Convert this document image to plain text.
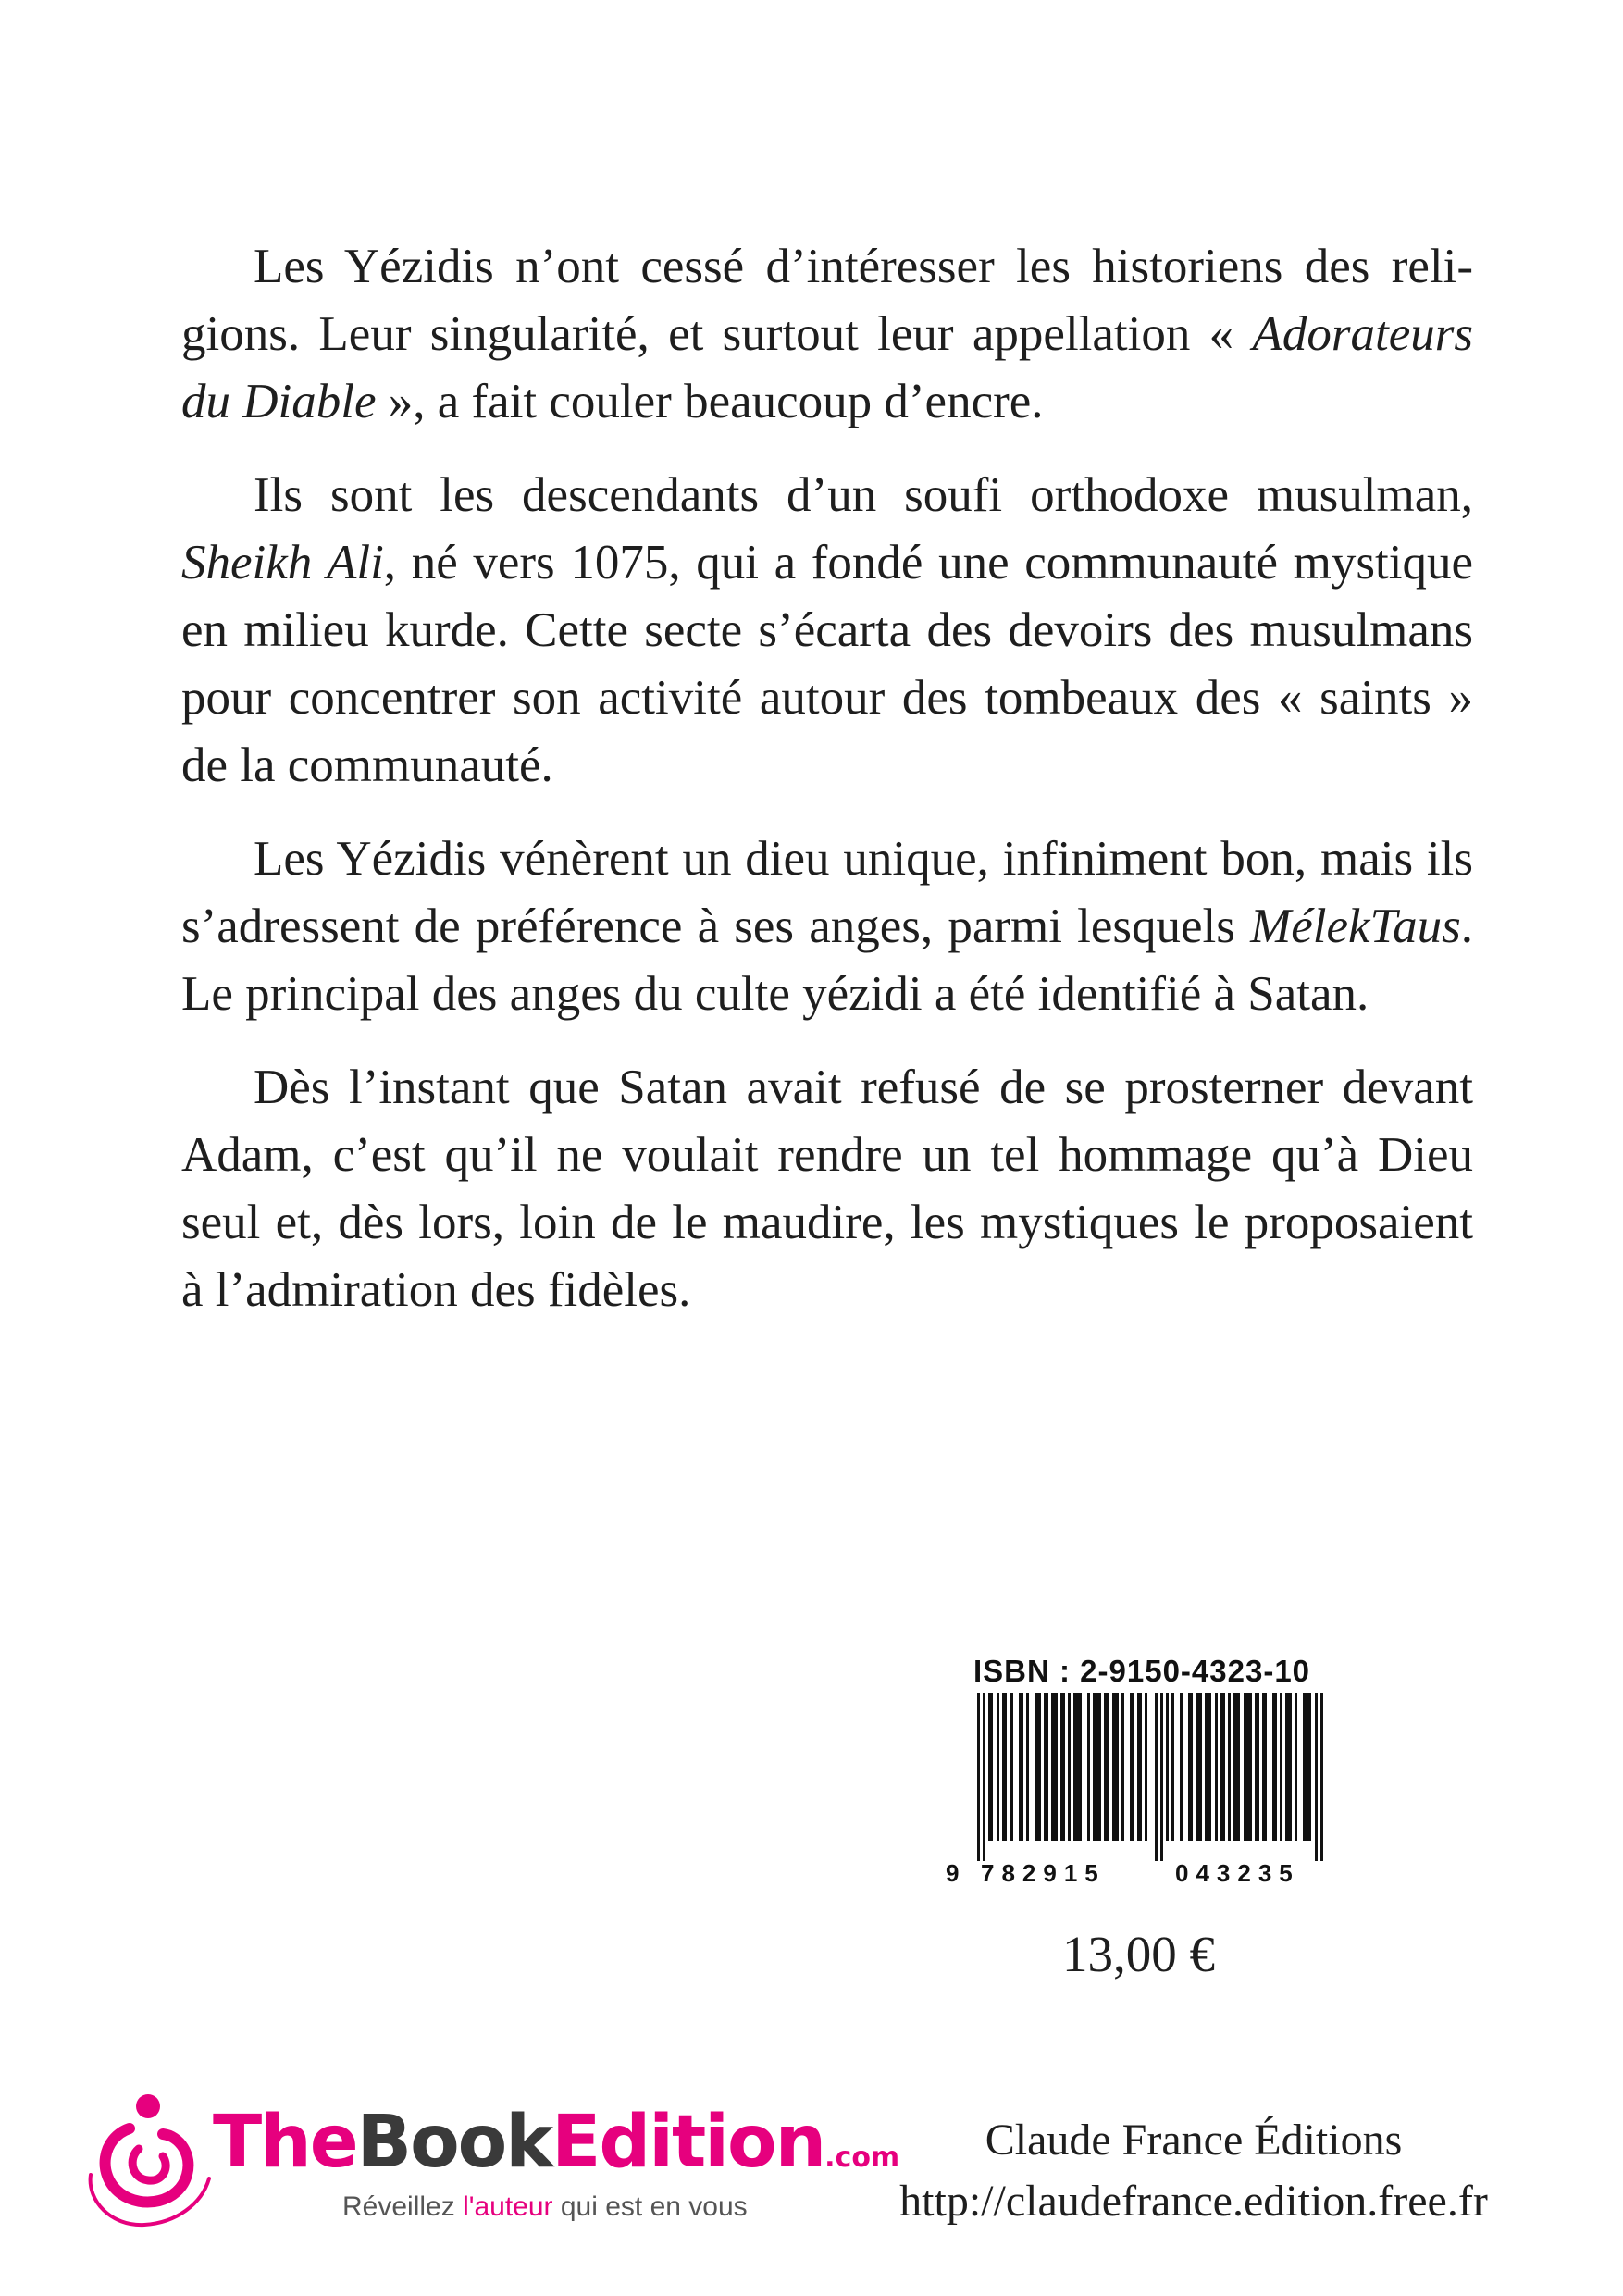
Les Yézidis n’ont cessé d’intéresser les historiens des religions. Leur singularité, et surtout leur appellation « Adorateurs du Diable », a fait couler beaucoup d’encre.

Ils sont les descendants d’un soufi orthodoxe musulman, Sheikh Ali, né vers 1075, qui a fondé une communauté mystique en milieu kurde. Cette secte s’écarta des devoirs des musulmans pour concentrer son activité autour des tombeaux des « saints » de la communauté.

Les Yézidis vénèrent un dieu unique, infiniment bon, mais ils s’adressent de préférence à ses anges, parmi lesquels MélekTaus. Le principal des anges du culte yézidi a été identifié à Satan.

Dès l’instant que Satan avait refusé de se prosterner devant Adam, c’est qu’il ne voulait rendre un tel hommage qu’à Dieu seul et, dès lors, loin de le maudire, les mystiques le proposaient à l’admiration des fidèles.

ISBN : 2-9150-4323-10
9 782915	043235
13,00 €
TheBookEdition.com
Réveillez l'auteur qui est en vous
Claude France Éditions
http://claudefrance.edition.free.fr
